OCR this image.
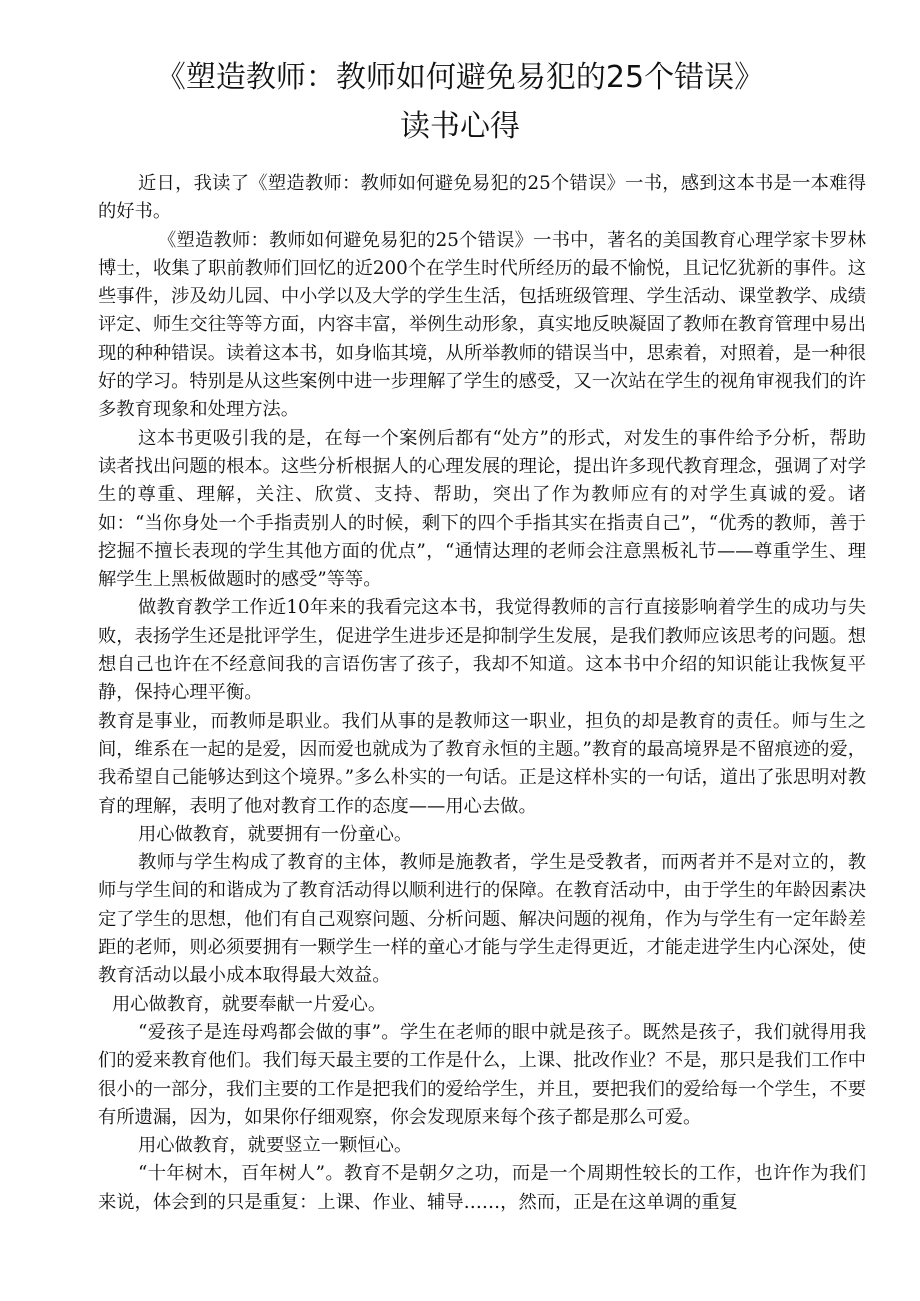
《塑造教师：教师如何避免易犯的25个错误》
读书心得

近日，我读了《塑造教师：教师如何避免易犯的25个错误》一书，感到这本书是一本难得的好书。

《塑造教师：教师如何避免易犯的25个错误》一书中，著名的美国教育心理学家卡罗林博士，收集了职前教师们回忆的近200个在学生时代所经历的最不愉悦，且记忆犹新的事件。这些事件，涉及幼儿园、中小学以及大学的学生生活，包括班级管理、学生活动、课堂教学、成绩评定、师生交往等等方面，内容丰富，举例生动形象，真实地反映凝固了教师在教育管理中易出现的种种错误。读着这本书，如身临其境，从所举教师的错误当中，思索着，对照着，是一种很好的学习。特别是从这些案例中进一步理解了学生的感受，又一次站在学生的视角审视我们的许多教育现象和处理方法。

这本书更吸引我的是，在每一个案例后都有“处方”的形式，对发生的事件给予分析，帮助读者找出问题的根本。这些分析根据人的心理发展的理论，提出许多现代教育理念，强调了对学生的尊重、理解，关注、欣赏、支持、帮助，突出了作为教师应有的对学生真诚的爱。诸如：“当你身处一个手指责别人的时候，剩下的四个手指其实在指责自己”，“优秀的教师，善于挖掘不擅长表现的学生其他方面的优点”，“通情达理的老师会注意黑板礼节——尊重学生、理解学生上黑板做题时的感受”等等。

做教育教学工作近10年来的我看完这本书，我觉得教师的言行直接影响着学生的成功与失败，表扬学生还是批评学生，促进学生进步还是抑制学生发展，是我们教师应该思考的问题。想想自己也许在不经意间我的言语伤害了孩子，我却不知道。这本书中介绍的知识能让我恢复平静，保持心理平衡。

教育是事业，而教师是职业。我们从事的是教师这一职业，担负的却是教育的责任。师与生之间，维系在一起的是爱，因而爱也就成为了教育永恒的主题。”教育的最高境界是不留痕迹的爱，我希望自己能够达到这个境界。”多么朴实的一句话。正是这样朴实的一句话，道出了张思明对教育的理解，表明了他对教育工作的态度——用心去做。

用心做教育，就要拥有一份童心。

教师与学生构成了教育的主体，教师是施教者，学生是受教者，而两者并不是对立的，教师与学生间的和谐成为了教育活动得以顺利进行的保障。在教育活动中，由于学生的年龄因素决定了学生的思想，他们有自己观察问题、分析问题、解决问题的视角，作为与学生有一定年龄差距的老师，则必须要拥有一颗学生一样的童心才能与学生走得更近，才能走进学生内心深处，使教育活动以最小成本取得最大效益。

用心做教育，就要奉献一片爱心。

“爱孩子是连母鸡都会做的事”。学生在老师的眼中就是孩子。既然是孩子，我们就得用我们的爱来教育他们。我们每天最主要的工作是什么，上课、批改作业？不是，那只是我们工作中很小的一部分，我们主要的工作是把我们的爱给学生，并且，要把我们的爱给每一个学生，不要有所遗漏，因为，如果你仔细观察，你会发现原来每个孩子都是那么可爱。

用心做教育，就要竖立一颗恒心。

“十年树木，百年树人”。教育不是朝夕之功，而是一个周期性较长的工作，也许作为我们来说，体会到的只是重复：上课、作业、辅导……，然而，正是在这单调的重复
